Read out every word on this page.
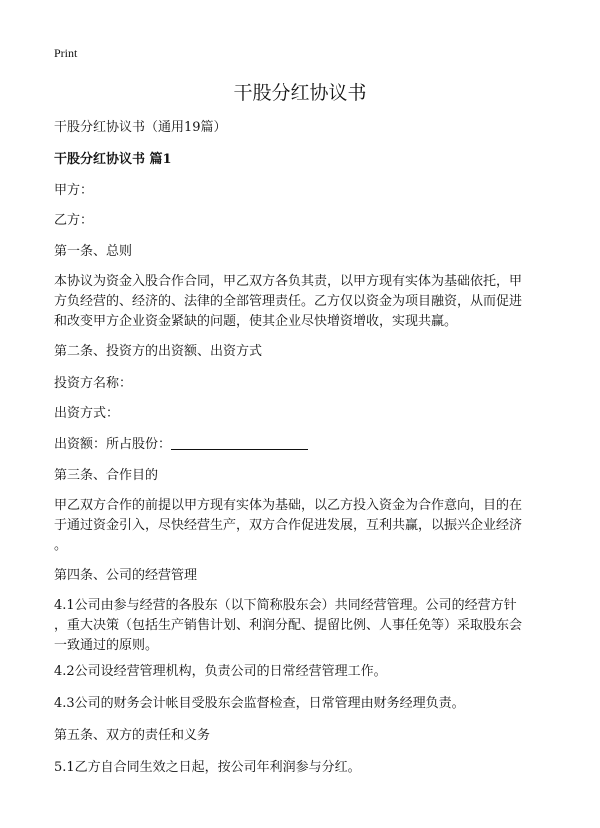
Print
干股分红协议书
干股分红协议书（通用19篇）
干股分红协议书 篇1
甲方：
乙方：
第一条、总则
本协议为资金入股合作合同，甲乙双方各负其责，以甲方现有实体为基础依托，甲
方负经营的、经济的、法律的全部管理责任。乙方仅以资金为项目融资，从而促进
和改变甲方企业资金紧缺的问题，使其企业尽快增资增收，实现共赢。
第二条、投资方的出资额、出资方式
投资方名称：
出资方式：
出资额：所占股份：
第三条、合作目的
甲乙双方合作的前提以甲方现有实体为基础，以乙方投入资金为合作意向，目的在
于通过资金引入，尽快经营生产，双方合作促进发展，互利共赢，以振兴企业经济
。
第四条、公司的经营管理
4.1公司由参与经营的各股东（以下简称股东会）共同经营管理。公司的经营方针
，重大决策（包括生产销售计划、利润分配、提留比例、人事任免等）采取股东会
一致通过的原则。
4.2公司设经营管理机构，负责公司的日常经营管理工作。
4.3公司的财务会计帐目受股东会监督检查，日常管理由财务经理负责。
第五条、双方的责任和义务
5.1乙方自合同生效之日起，按公司年利润参与分红。
